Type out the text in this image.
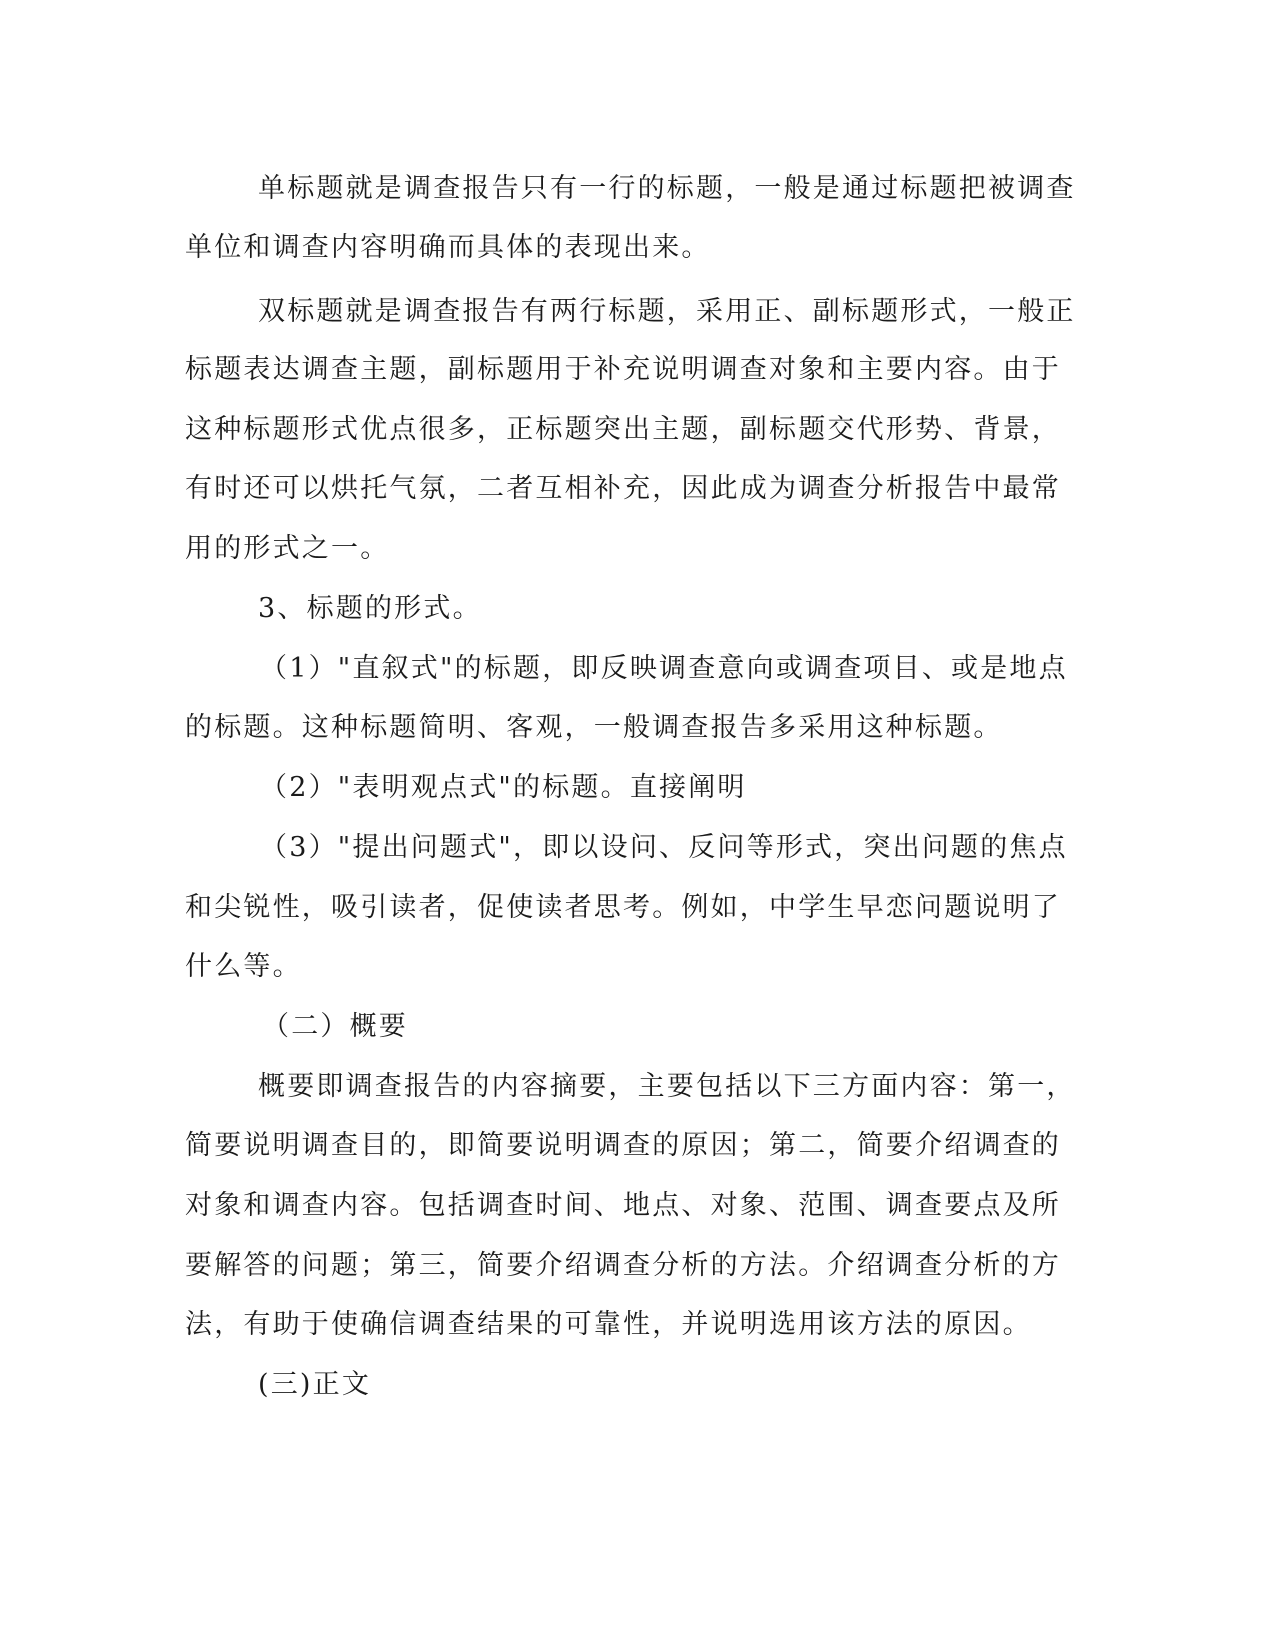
单标题就是调查报告只有一行的标题，一般是通过标题把被调查
单位和调查内容明确而具体的表现出来。
双标题就是调查报告有两行标题，采用正、副标题形式，一般正
标题表达调查主题，副标题用于补充说明调查对象和主要内容。由于
这种标题形式优点很多，正标题突出主题，副标题交代形势、背景，
有时还可以烘托气氛，二者互相补充，因此成为调查分析报告中最常
用的形式之一。
3、标题的形式。
（1）"直叙式"的标题，即反映调查意向或调查项目、或是地点
的标题。这种标题简明、客观，一般调查报告多采用这种标题。
（2）"表明观点式"的标题。直接阐明
（3）"提出问题式"，即以设问、反问等形式，突出问题的焦点
和尖锐性，吸引读者，促使读者思考。例如，中学生早恋问题说明了
什么等。
（二）概要
概要即调查报告的内容摘要，主要包括以下三方面内容：第一，
简要说明调查目的，即简要说明调查的原因；第二，简要介绍调查的
对象和调查内容。包括调查时间、地点、对象、范围、调查要点及所
要解答的问题；第三，简要介绍调查分析的方法。介绍调查分析的方
法，有助于使确信调查结果的可靠性，并说明选用该方法的原因。
(三)正文
